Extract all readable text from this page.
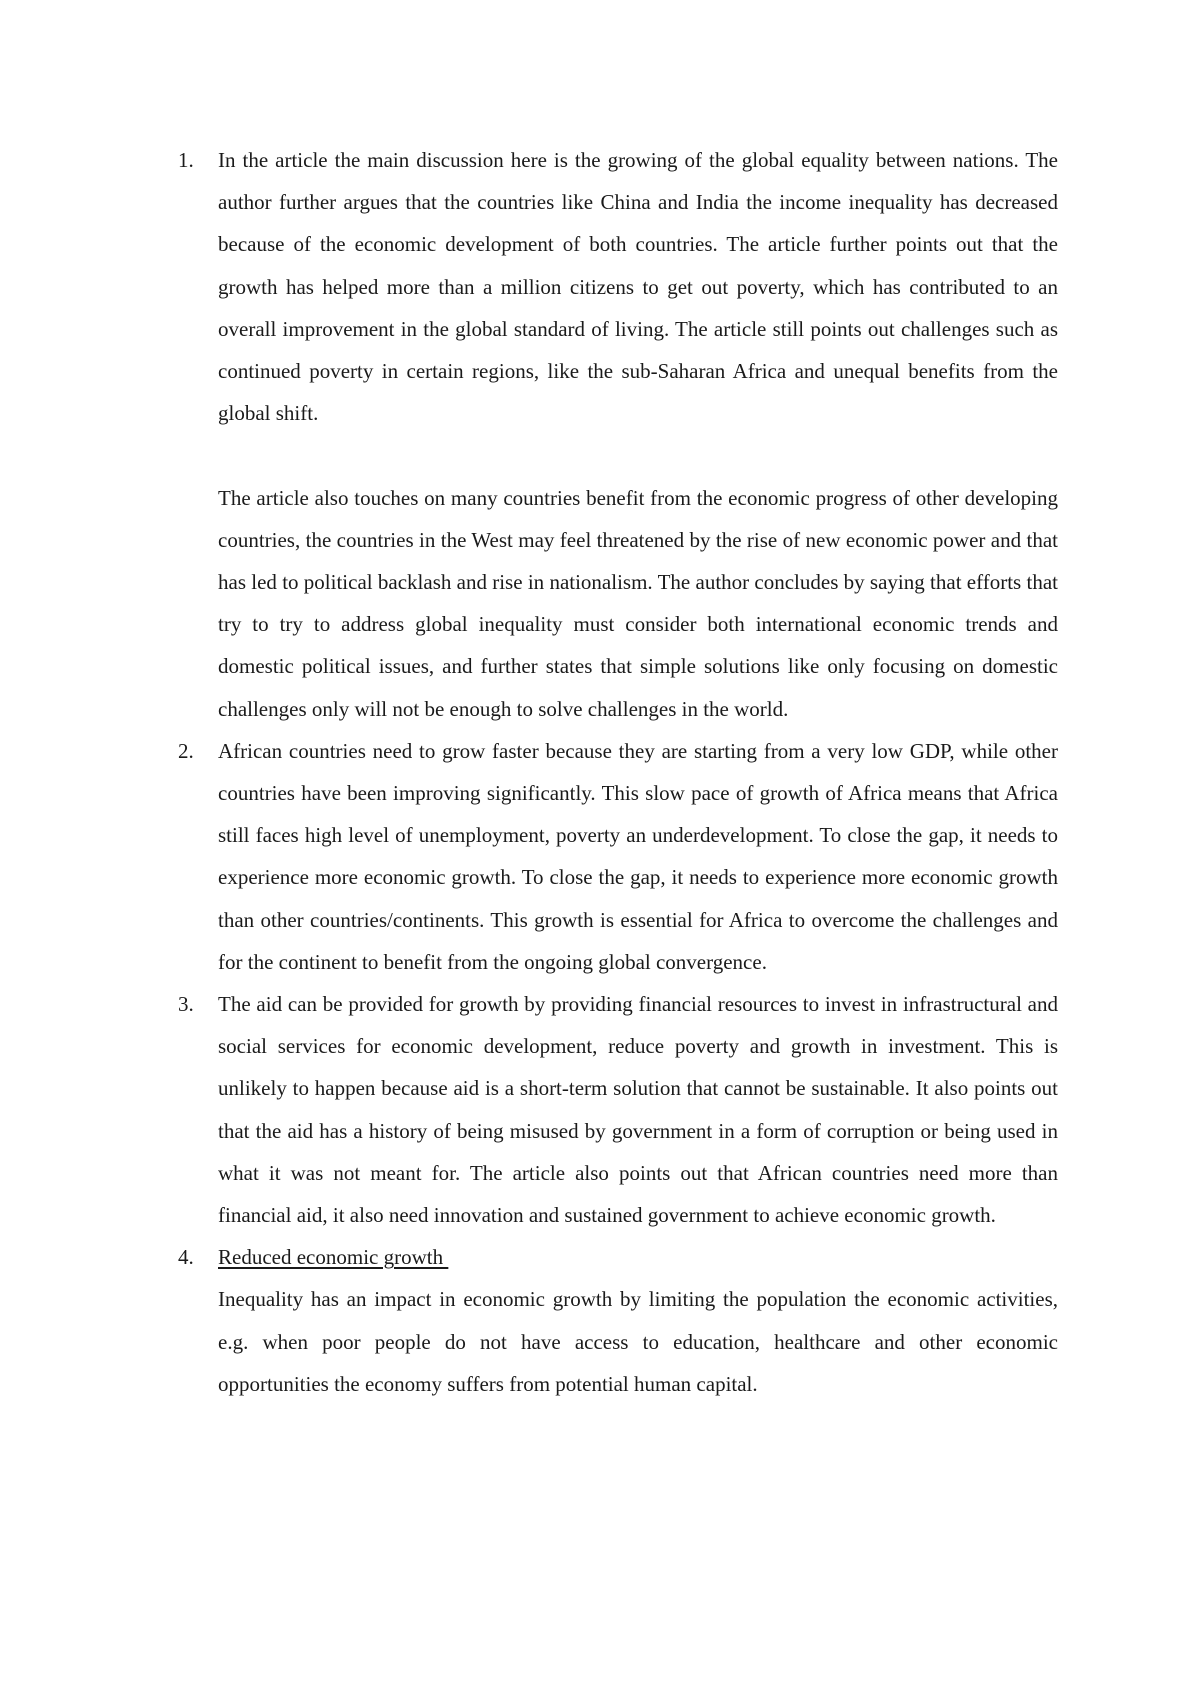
1. In the article the main discussion here is the growing of the global equality between nations. The author further argues that the countries like China and India the income inequality has decreased because of the economic development of both countries. The article further points out that the growth has helped more than a million citizens to get out poverty, which has contributed to an overall improvement in the global standard of living. The article still points out challenges such as continued poverty in certain regions, like the sub-Saharan Africa and unequal benefits from the global shift.

The article also touches on many countries benefit from the economic progress of other developing countries, the countries in the West may feel threatened by the rise of new economic power and that has led to political backlash and rise in nationalism. The author concludes by saying that efforts that try to try to address global inequality must consider both international economic trends and domestic political issues, and further states that simple solutions like only focusing on domestic challenges only will not be enough to solve challenges in the world.

2. African countries need to grow faster because they are starting from a very low GDP, while other countries have been improving significantly. This slow pace of growth of Africa means that Africa still faces high level of unemployment, poverty an underdevelopment. To close the gap, it needs to experience more economic growth. To close the gap, it needs to experience more economic growth than other countries/continents. This growth is essential for Africa to overcome the challenges and for the continent to benefit from the ongoing global convergence.

3. The aid can be provided for growth by providing financial resources to invest in infrastructural and social services for economic development, reduce poverty and growth in investment. This is unlikely to happen because aid is a short-term solution that cannot be sustainable. It also points out that the aid has a history of being misused by government in a form of corruption or being used in what it was not meant for. The article also points out that African countries need more than financial aid, it also need innovation and sustained government to achieve economic growth.

4. Reduced economic growth

Inequality has an impact in economic growth by limiting the population the economic activities, e.g. when poor people do not have access to education, healthcare and other economic opportunities the economy suffers from potential human capital.
